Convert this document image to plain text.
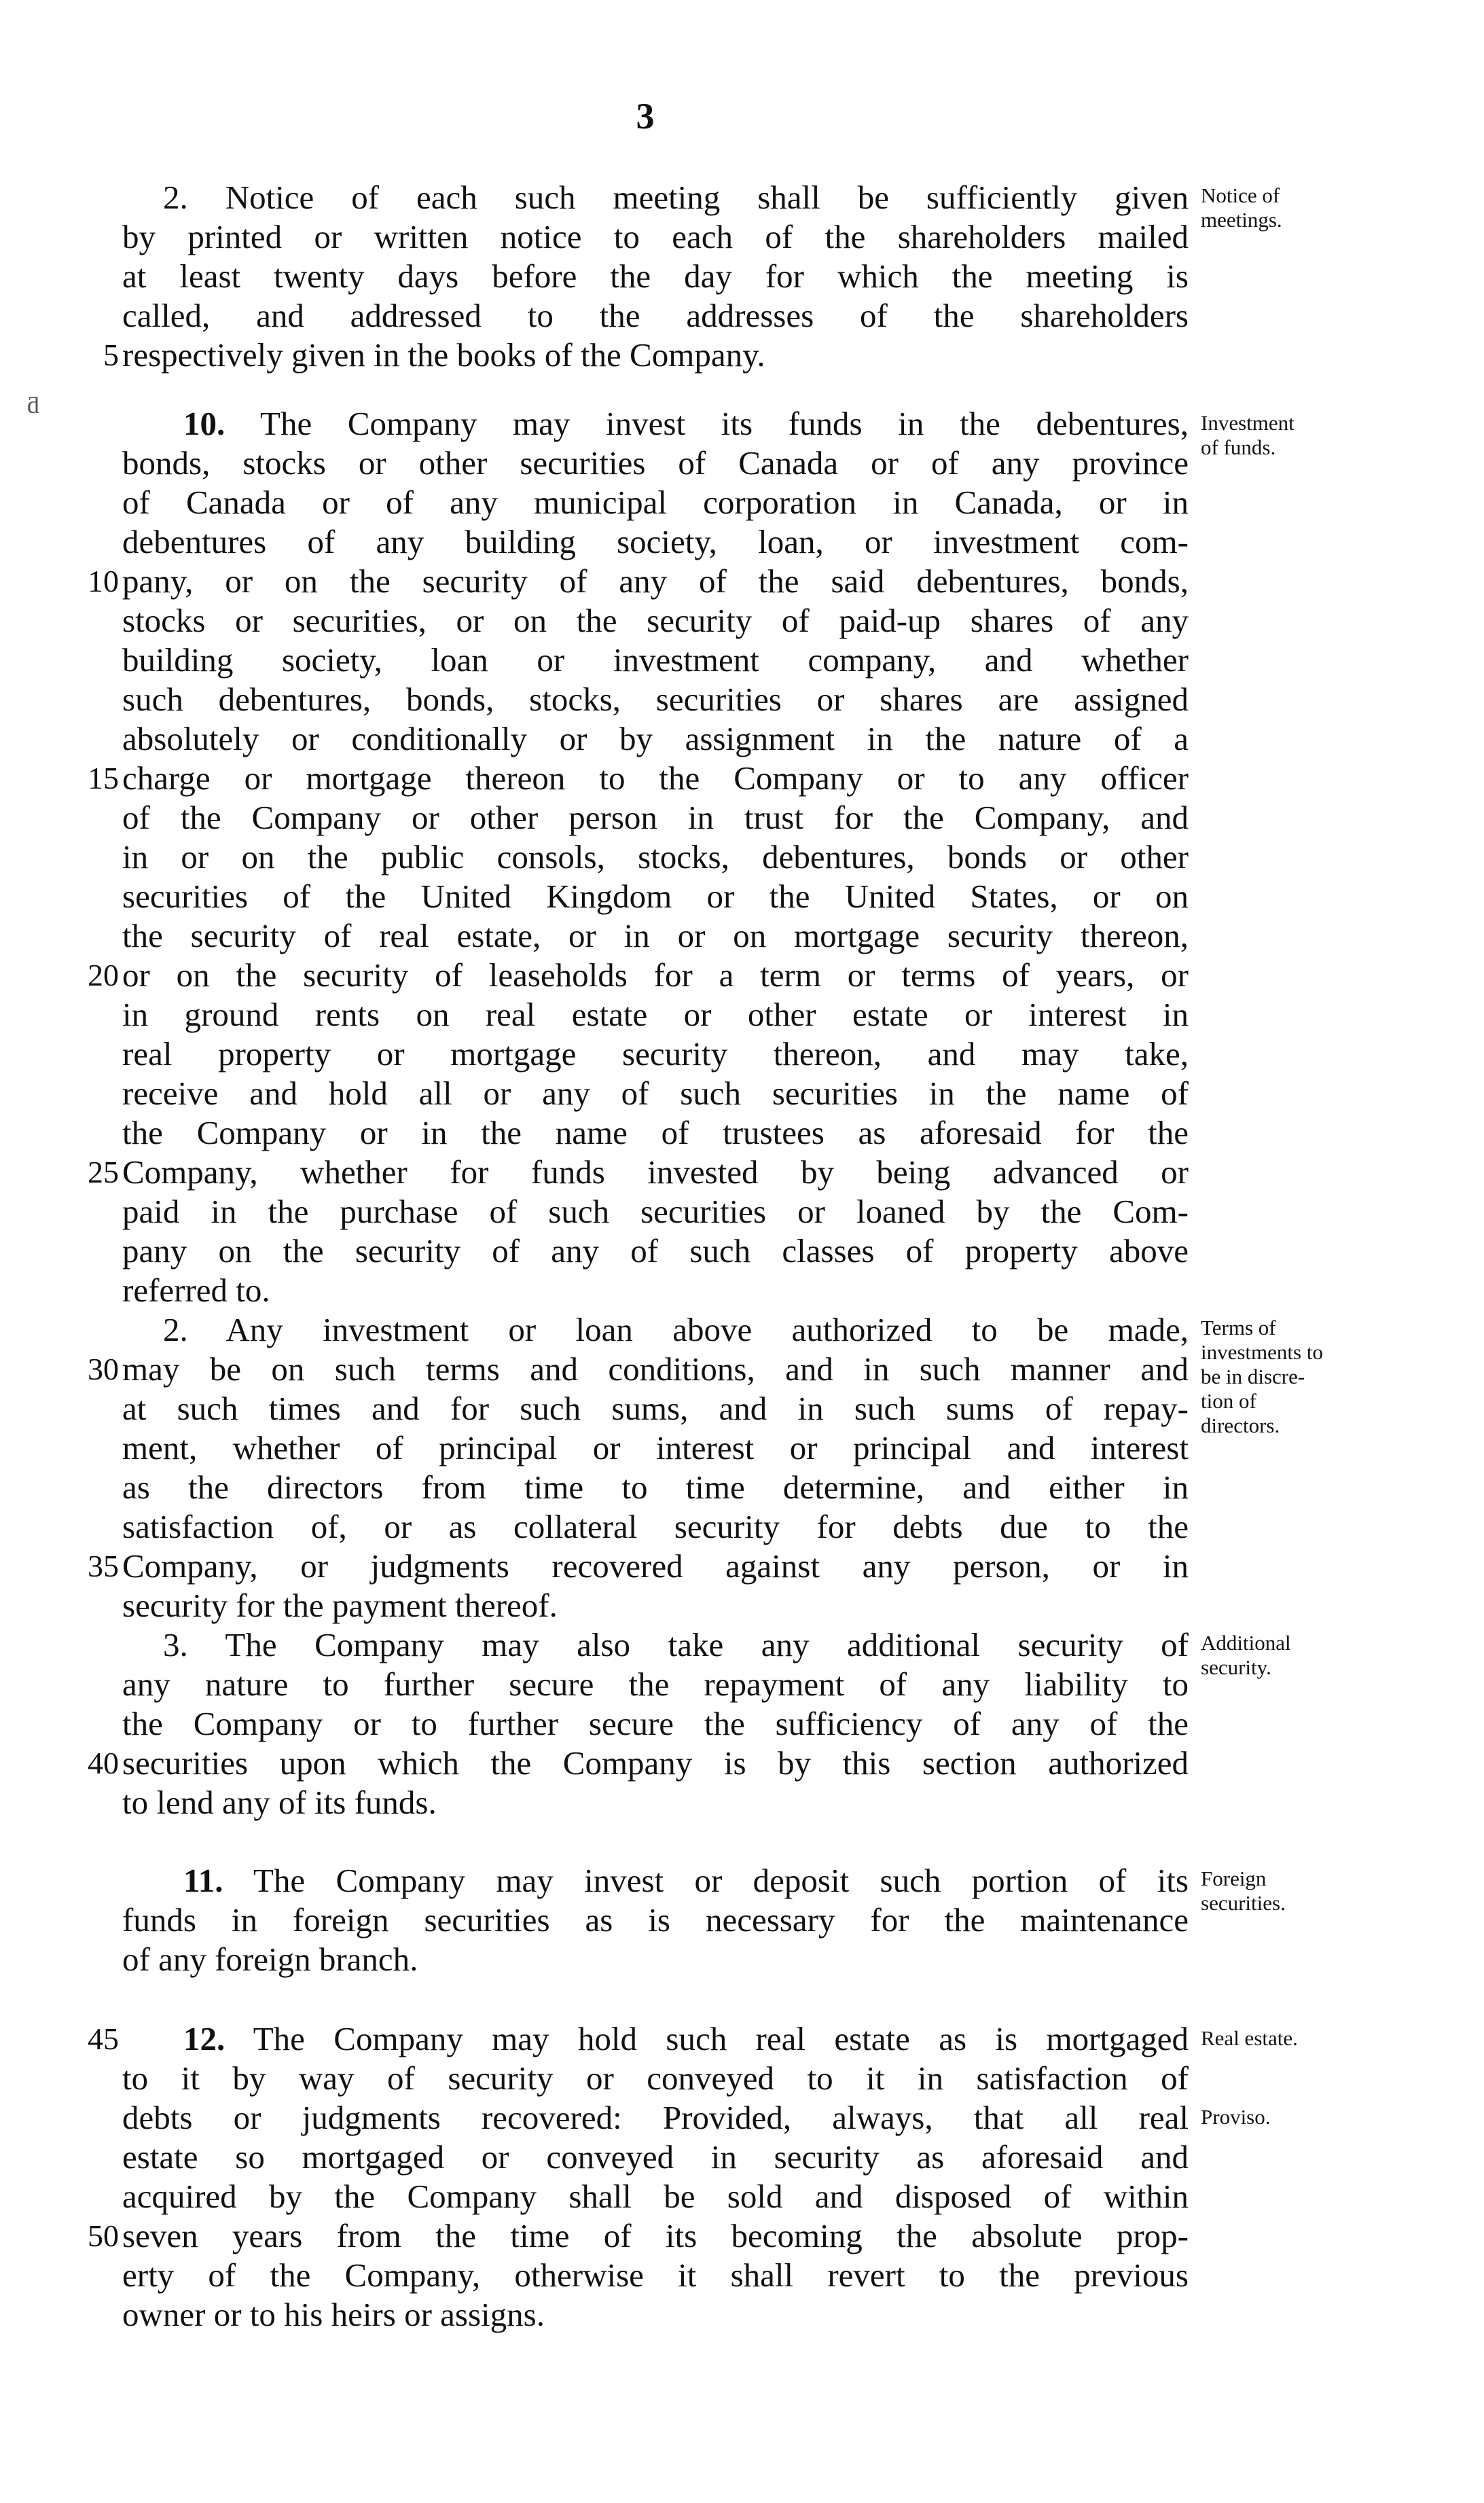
3
ƌ
2. Notice of each such meeting shall be sufficiently given
by printed or written notice to each of the shareholders mailed
at least twenty days before the day for which the meeting is
called, and addressed to the addresses of the shareholders
respectively given in the books of the Company.
10. The Company may invest its funds in the debentures,
bonds, stocks or other securities of Canada or of any province
of Canada or of any municipal corporation in Canada, or in
debentures of any building society, loan, or investment com-
pany, or on the security of any of the said debentures, bonds,
stocks or securities, or on the security of paid-up shares of any
building society, loan or investment company, and whether
such debentures, bonds, stocks, securities or shares are assigned
absolutely or conditionally or by assignment in the nature of a
charge or mortgage thereon to the Company or to any officer
of the Company or other person in trust for the Company, and
in or on the public consols, stocks, debentures, bonds or other
securities of the United Kingdom or the United States, or on
the security of real estate, or in or on mortgage security thereon,
or on the security of leaseholds for a term or terms of years, or
in ground rents on real estate or other estate or interest in
real property or mortgage security thereon, and may take,
receive and hold all or any of such securities in the name of
the Company or in the name of trustees as aforesaid for the
Company, whether for funds invested by being advanced or
paid in the purchase of such securities or loaned by the Com-
pany on the security of any of such classes of property above
referred to.
2. Any investment or loan above authorized to be made,
may be on such terms and conditions, and in such manner and
at such times and for such sums, and in such sums of repay-
ment, whether of principal or interest or principal and interest
as the directors from time to time determine, and either in
satisfaction of, or as collateral security for debts due to the
Company, or judgments recovered against any person, or in
security for the payment thereof.
3. The Company may also take any additional security of
any nature to further secure the repayment of any liability to
the Company or to further secure the sufficiency of any of the
securities upon which the Company is by this section authorized
to lend any of its funds.
11. The Company may invest or deposit such portion of its
funds in foreign securities as is necessary for the maintenance
of any foreign branch.
12. The Company may hold such real estate as is mortgaged
to it by way of security or conveyed to it in satisfaction of
debts or judgments recovered: Provided, always, that all real
estate so mortgaged or conveyed in security as aforesaid and
acquired by the Company shall be sold and disposed of within
seven years from the time of its becoming the absolute prop-
erty of the Company, otherwise it shall revert to the previous
owner or to his heirs or assigns.
5
10
15
20
25
30
35
40
45
50
Notice of
meetings.
Investment
of funds.
Terms of
investments to
be in discre-
tion of
directors.
Additional
security.
Foreign
securities.
Real estate.
Proviso.
